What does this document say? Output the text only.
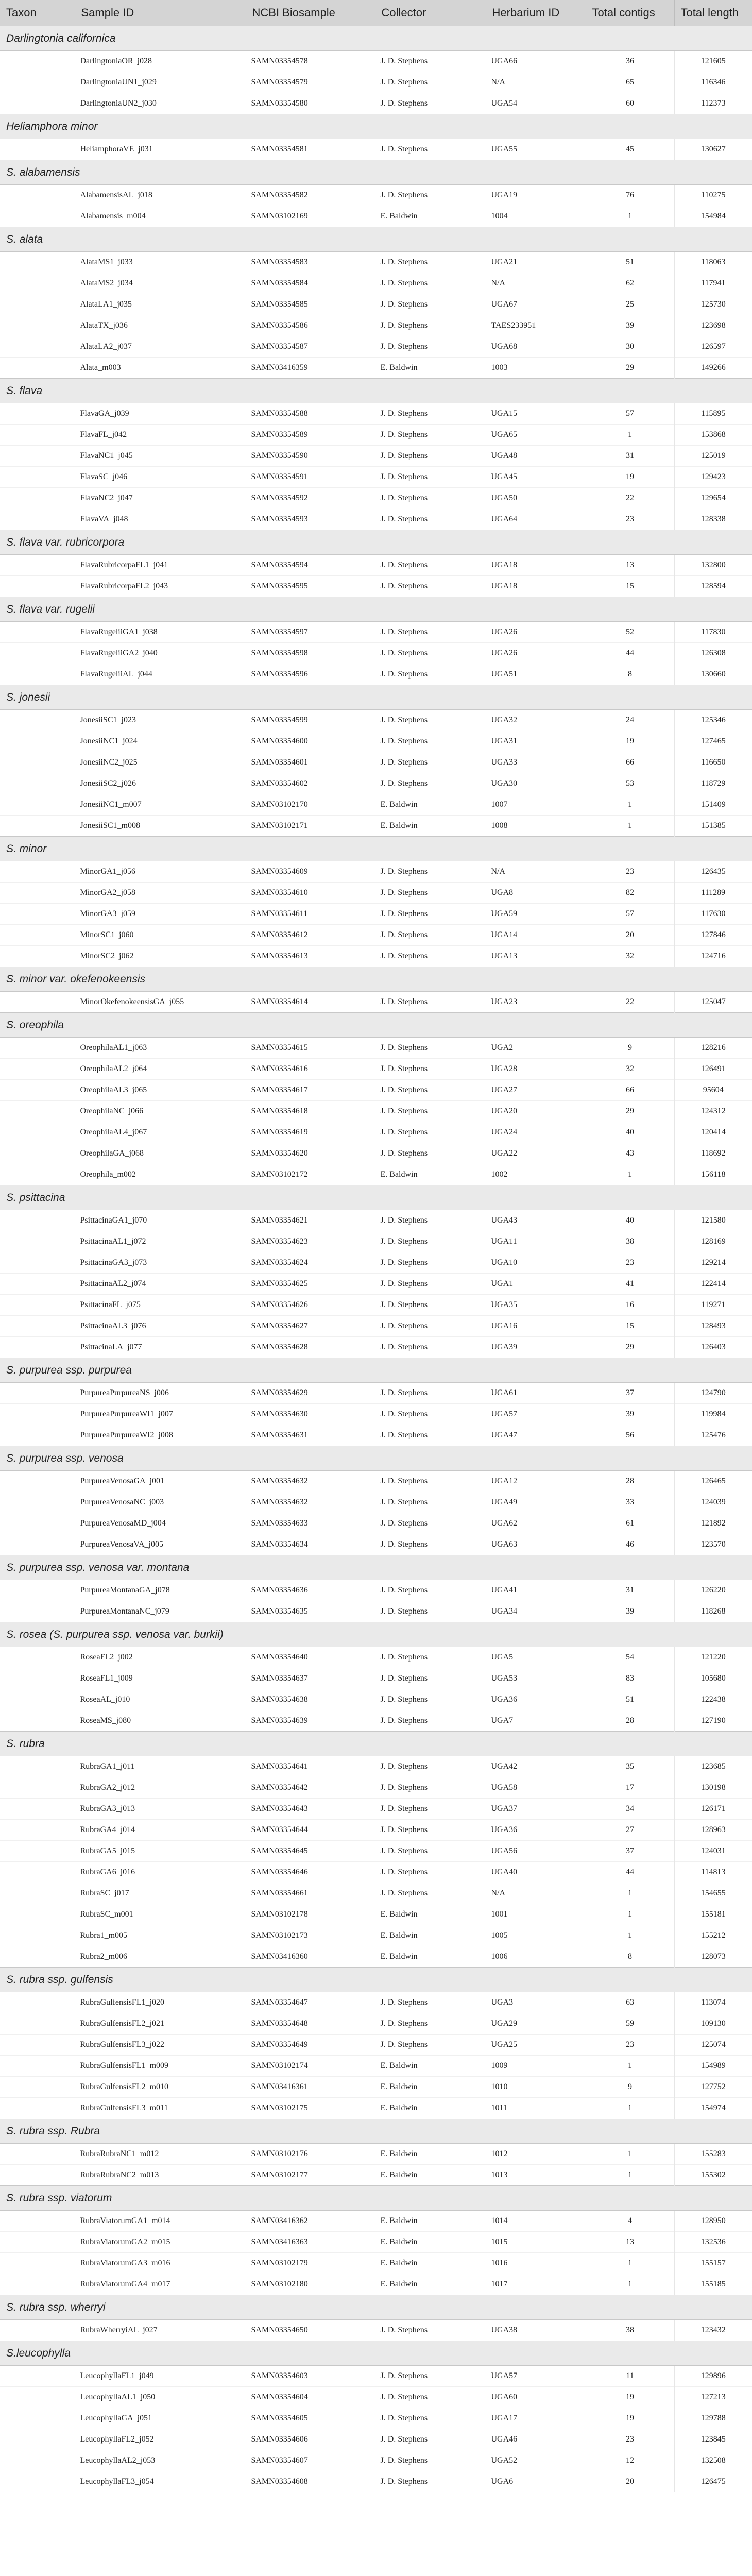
Taxon	Sample ID	NCBI Biosample	Collector	Herbarium ID	Total contigs	Total length
Darlingtonia californica						
	DarlingtoniaOR_j028	SAMN03354578	J. D. Stephens	UGA66	36	121605
	DarlingtoniaUN1_j029	SAMN03354579	J. D. Stephens	N/A	65	116346
	DarlingtoniaUN2_j030	SAMN03354580	J. D. Stephens	UGA54	60	112373
Heliamphora minor						
	HeliamphoraVE_j031	SAMN03354581	J. D. Stephens	UGA55	45	130627
S. alabamensis						
	AlabamensisAL_j018	SAMN03354582	J. D. Stephens	UGA19	76	110275
	Alabamensis_m004	SAMN03102169	E. Baldwin	1004	1	154984
S. alata						
	AlataMS1_j033	SAMN03354583	J. D. Stephens	UGA21	51	118063
	AlataMS2_j034	SAMN03354584	J. D. Stephens	N/A	62	117941
	AlataLA1_j035	SAMN03354585	J. D. Stephens	UGA67	25	125730
	AlataTX_j036	SAMN03354586	J. D. Stephens	TAES233951	39	123698
	AlataLA2_j037	SAMN03354587	J. D. Stephens	UGA68	30	126597
	Alata_m003	SAMN03416359	E. Baldwin	1003	29	149266
S. flava						
	FlavaGA_j039	SAMN03354588	J. D. Stephens	UGA15	57	115895
	FlavaFL_j042	SAMN03354589	J. D. Stephens	UGA65	1	153868
	FlavaNC1_j045	SAMN03354590	J. D. Stephens	UGA48	31	125019
	FlavaSC_j046	SAMN03354591	J. D. Stephens	UGA45	19	129423
	FlavaNC2_j047	SAMN03354592	J. D. Stephens	UGA50	22	129654
	FlavaVA_j048	SAMN03354593	J. D. Stephens	UGA64	23	128338
S. flava var. rubricorpora						
	FlavaRubricorpaFL1_j041	SAMN03354594	J. D. Stephens	UGA18	13	132800
	FlavaRubricorpaFL2_j043	SAMN03354595	J. D. Stephens	UGA18	15	128594
S. flava var. rugelii						
	FlavaRugeliiGA1_j038	SAMN03354597	J. D. Stephens	UGA26	52	117830
	FlavaRugeliiGA2_j040	SAMN03354598	J. D. Stephens	UGA26	44	126308
	FlavaRugeliiAL_j044	SAMN03354596	J. D. Stephens	UGA51	8	130660
S. jonesii						
	JonesiiSC1_j023	SAMN03354599	J. D. Stephens	UGA32	24	125346
	JonesiiNC1_j024	SAMN03354600	J. D. Stephens	UGA31	19	127465
	JonesiiNC2_j025	SAMN03354601	J. D. Stephens	UGA33	66	116650
	JonesiiSC2_j026	SAMN03354602	J. D. Stephens	UGA30	53	118729
	JonesiiNC1_m007	SAMN03102170	E. Baldwin	1007	1	151409
	JonesiiSC1_m008	SAMN03102171	E. Baldwin	1008	1	151385
S. minor						
	MinorGA1_j056	SAMN03354609	J. D. Stephens	N/A	23	126435
	MinorGA2_j058	SAMN03354610	J. D. Stephens	UGA8	82	111289
	MinorGA3_j059	SAMN03354611	J. D. Stephens	UGA59	57	117630
	MinorSC1_j060	SAMN03354612	J. D. Stephens	UGA14	20	127846
	MinorSC2_j062	SAMN03354613	J. D. Stephens	UGA13	32	124716
S. minor var. okefenokeensis						
	MinorOkefenokeensisGA_j055	SAMN03354614	J. D. Stephens	UGA23	22	125047
S. oreophila						
	OreophilaAL1_j063	SAMN03354615	J. D. Stephens	UGA2	9	128216
	OreophilaAL2_j064	SAMN03354616	J. D. Stephens	UGA28	32	126491
	OreophilaAL3_j065	SAMN03354617	J. D. Stephens	UGA27	66	95604
	OreophilaNC_j066	SAMN03354618	J. D. Stephens	UGA20	29	124312
	OreophilaAL4_j067	SAMN03354619	J. D. Stephens	UGA24	40	120414
	OreophilaGA_j068	SAMN03354620	J. D. Stephens	UGA22	43	118692
	Oreophila_m002	SAMN03102172	E. Baldwin	1002	1	156118
S. psittacina						
	PsittacinaGA1_j070	SAMN03354621	J. D. Stephens	UGA43	40	121580
	PsittacinaAL1_j072	SAMN03354623	J. D. Stephens	UGA11	38	128169
	PsittacinaGA3_j073	SAMN03354624	J. D. Stephens	UGA10	23	129214
	PsittacinaAL2_j074	SAMN03354625	J. D. Stephens	UGA1	41	122414
	PsittacinaFL_j075	SAMN03354626	J. D. Stephens	UGA35	16	119271
	PsittacinaAL3_j076	SAMN03354627	J. D. Stephens	UGA16	15	128493
	PsittacinaLA_j077	SAMN03354628	J. D. Stephens	UGA39	29	126403
S. purpurea ssp. purpurea						
	PurpureaPurpureaNS_j006	SAMN03354629	J. D. Stephens	UGA61	37	124790
	PurpureaPurpureaWI1_j007	SAMN03354630	J. D. Stephens	UGA57	39	119984
	PurpureaPurpureaWI2_j008	SAMN03354631	J. D. Stephens	UGA47	56	125476
S. purpurea ssp. venosa						
	PurpureaVenosaGA_j001	SAMN03354632	J. D. Stephens	UGA12	28	126465
	PurpureaVenosaNC_j003	SAMN03354632	J. D. Stephens	UGA49	33	124039
	PurpureaVenosaMD_j004	SAMN03354633	J. D. Stephens	UGA62	61	121892
	PurpureaVenosaVA_j005	SAMN03354634	J. D. Stephens	UGA63	46	123570
S. purpurea ssp. venosa var. montana						
	PurpureaMontanaGA_j078	SAMN03354636	J. D. Stephens	UGA41	31	126220
	PurpureaMontanaNC_j079	SAMN03354635	J. D. Stephens	UGA34	39	118268
S. rosea (S. purpurea ssp. venosa var. burkii)						
	RoseaFL2_j002	SAMN03354640	J. D. Stephens	UGA5	54	121220
	RoseaFL1_j009	SAMN03354637	J. D. Stephens	UGA53	83	105680
	RoseaAL_j010	SAMN03354638	J. D. Stephens	UGA36	51	122438
	RoseaMS_j080	SAMN03354639	J. D. Stephens	UGA7	28	127190
S. rubra						
	RubraGA1_j011	SAMN03354641	J. D. Stephens	UGA42	35	123685
	RubraGA2_j012	SAMN03354642	J. D. Stephens	UGA58	17	130198
	RubraGA3_j013	SAMN03354643	J. D. Stephens	UGA37	34	126171
	RubraGA4_j014	SAMN03354644	J. D. Stephens	UGA36	27	128963
	RubraGA5_j015	SAMN03354645	J. D. Stephens	UGA56	37	124031
	RubraGA6_j016	SAMN03354646	J. D. Stephens	UGA40	44	114813
	RubraSC_j017	SAMN03354661	J. D. Stephens	N/A	1	154655
	RubraSC_m001	SAMN03102178	E. Baldwin	1001	1	155181
	Rubra1_m005	SAMN03102173	E. Baldwin	1005	1	155212
	Rubra2_m006	SAMN03416360	E. Baldwin	1006	8	128073
S. rubra ssp. gulfensis						
	RubraGulfensisFL1_j020	SAMN03354647	J. D. Stephens	UGA3	63	113074
	RubraGulfensisFL2_j021	SAMN03354648	J. D. Stephens	UGA29	59	109130
	RubraGulfensisFL3_j022	SAMN03354649	J. D. Stephens	UGA25	23	125074
	RubraGulfensisFL1_m009	SAMN03102174	E. Baldwin	1009	1	154989
	RubraGulfensisFL2_m010	SAMN03416361	E. Baldwin	1010	9	127752
	RubraGulfensisFL3_m011	SAMN03102175	E. Baldwin	1011	1	154974
S. rubra ssp. Rubra						
	RubraRubraNC1_m012	SAMN03102176	E. Baldwin	1012	1	155283
	RubraRubraNC2_m013	SAMN03102177	E. Baldwin	1013	1	155302
S. rubra ssp. viatorum						
	RubraViatorumGA1_m014	SAMN03416362	E. Baldwin	1014	4	128950
	RubraViatorumGA2_m015	SAMN03416363	E. Baldwin	1015	13	132536
	RubraViatorumGA3_m016	SAMN03102179	E. Baldwin	1016	1	155157
	RubraViatorumGA4_m017	SAMN03102180	E. Baldwin	1017	1	155185
S. rubra ssp. wherryi						
	RubraWherryiAL_j027	SAMN03354650	J. D. Stephens	UGA38	38	123432
S.leucophylla						
	LeucophyllaFL1_j049	SAMN03354603	J. D. Stephens	UGA57	11	129896
	LeucophyllaAL1_j050	SAMN03354604	J. D. Stephens	UGA60	19	127213
	LeucophyllaGA_j051	SAMN03354605	J. D. Stephens	UGA17	19	129788
	LeucophyllaFL2_j052	SAMN03354606	J. D. Stephens	UGA46	23	123845
	LeucophyllaAL2_j053	SAMN03354607	J. D. Stephens	UGA52	12	132508
	LeucophyllaFL3_j054	SAMN03354608	J. D. Stephens	UGA6	20	126475
